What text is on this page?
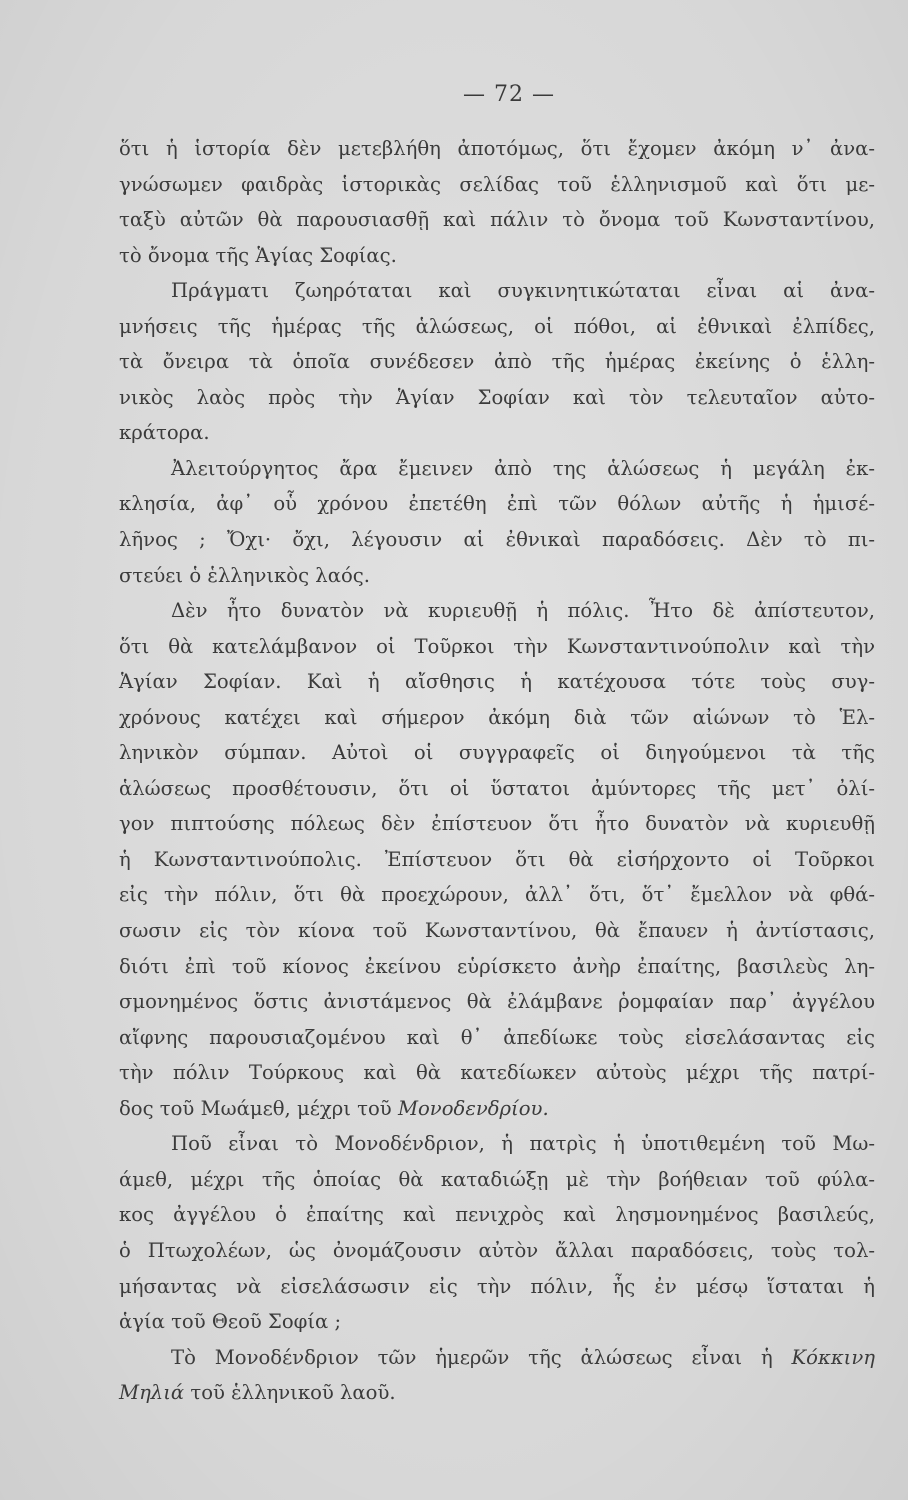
— 72 —
ὅτι ἡ ἱστορία δὲν μετεβλήθη ἀποτόμως, ὅτι ἔχομεν ἀκόμη ν᾿ ἀνα-
γνώσωμεν φαιδρὰς ἱστορικὰς σελίδας τοῦ ἑλληνισμοῦ καὶ ὅτι με-
ταξὺ αὐτῶν θὰ παρουσιασθῇ καὶ πάλιν τὸ ὄνομα τοῦ Κωνσταντίνου,
τὸ ὄνομα τῆς Ἁγίας Σοφίας.
Πράγματι ζωηρόταται καὶ συγκινητικώταται εἶναι αἱ ἀνα-
μνήσεις τῆς ἡμέρας τῆς ἁλώσεως, οἱ πόθοι, αἱ ἐθνικαὶ ἐλπίδες,
τὰ ὄνειρα τὰ ὁποῖα συνέδεσεν ἀπὸ τῆς ἡμέρας ἐκείνης ὁ ἑλλη-
νικὸς λαὸς πρὸς τὴν Ἁγίαν Σοφίαν καὶ τὸν τελευταῖον αὐτο-
κράτορα.
Ἀλειτούργητος ἄρα ἔμεινεν ἀπὸ της ἁλώσεως ἡ μεγάλη ἐκ-
κλησία, ἀφ᾿ οὗ χρόνου ἐπετέθη ἐπὶ τῶν θόλων αὐτῆς ἡ ἡμισέ-
λῆνος ; Ὄχι· ὄχι, λέγουσιν αἱ ἐθνικαὶ παραδόσεις. Δὲν τὸ πι-
στεύει ὁ ἑλληνικὸς λαός.
Δὲν ἦτο δυνατὸν νὰ κυριευθῇ ἡ πόλις. Ἦτο δὲ ἀπίστευτον,
ὅτι θὰ κατελάμβανον οἱ Τοῦρκοι τὴν Κωνσταντινούπολιν καὶ τὴν
Ἁγίαν Σοφίαν. Καὶ ἡ αἴσθησις ἡ κατέχουσα τότε τοὺς συγ-
χρόνους κατέχει καὶ σήμερον ἀκόμη διὰ τῶν αἰώνων τὸ Ἑλ-
ληνικὸν σύμπαν. Αὐτοὶ οἱ συγγραφεῖς οἱ διηγούμενοι τὰ τῆς
ἁλώσεως προσθέτουσιν, ὅτι οἱ ὕστατοι ἀμύντορες τῆς μετ᾿ ὀλί-
γον πιπτούσης πόλεως δὲν ἐπίστευον ὅτι ἦτο δυνατὸν νὰ κυριευθῇ
ἡ Κωνσταντινούπολις. Ἐπίστευον ὅτι θὰ εἰσήρχοντο οἱ Τοῦρκοι
εἰς τὴν πόλιν, ὅτι θὰ προεχώρουν, ἀλλ᾿ ὅτι, ὅτ᾿ ἔμελλον νὰ φθά-
σωσιν εἰς τὸν κίονα τοῦ Κωνσταντίνου, θὰ ἔπαυεν ἡ ἀντίστασις,
διότι ἐπὶ τοῦ κίονος ἐκείνου εὑρίσκετο ἀνὴρ ἐπαίτης, βασιλεὺς λη-
σμονημένος ὅστις ἀνιστάμενος θὰ ἐλάμβανε ῥομφαίαν παρ᾿ ἀγγέλου
αἴφνης παρουσιαζομένου καὶ θ᾿ ἀπεδίωκε τοὺς εἰσελάσαντας εἰς
τὴν πόλιν Τούρκους καὶ θὰ κατεδίωκεν αὐτοὺς μέχρι τῆς πατρί-
δος τοῦ Μωάμεθ, μέχρι τοῦ Μονοδενδρίου.
Ποῦ εἶναι τὸ Μονοδένδριον, ἡ πατρὶς ἡ ὑποτιθεμένη τοῦ Μω-
άμεθ, μέχρι τῆς ὁποίας θὰ καταδιώξῃ μὲ τὴν βοήθειαν τοῦ φύλα-
κος ἀγγέλου ὁ ἐπαίτης καὶ πενιχρὸς καὶ λησμονημένος βασιλεύς,
ὁ Πτωχολέων, ὡς ὀνομάζουσιν αὐτὸν ἄλλαι παραδόσεις, τοὺς τολ-
μήσαντας νὰ εἰσελάσωσιν εἰς τὴν πόλιν, ἧς ἐν μέσῳ ἵσταται ἡ
ἁγία τοῦ Θεοῦ Σοφία ;
Τὸ Μονοδένδριον τῶν ἡμερῶν τῆς ἁλώσεως εἶναι ἡ Κόκκινη
Μηλιά τοῦ ἑλληνικοῦ λαοῦ.
